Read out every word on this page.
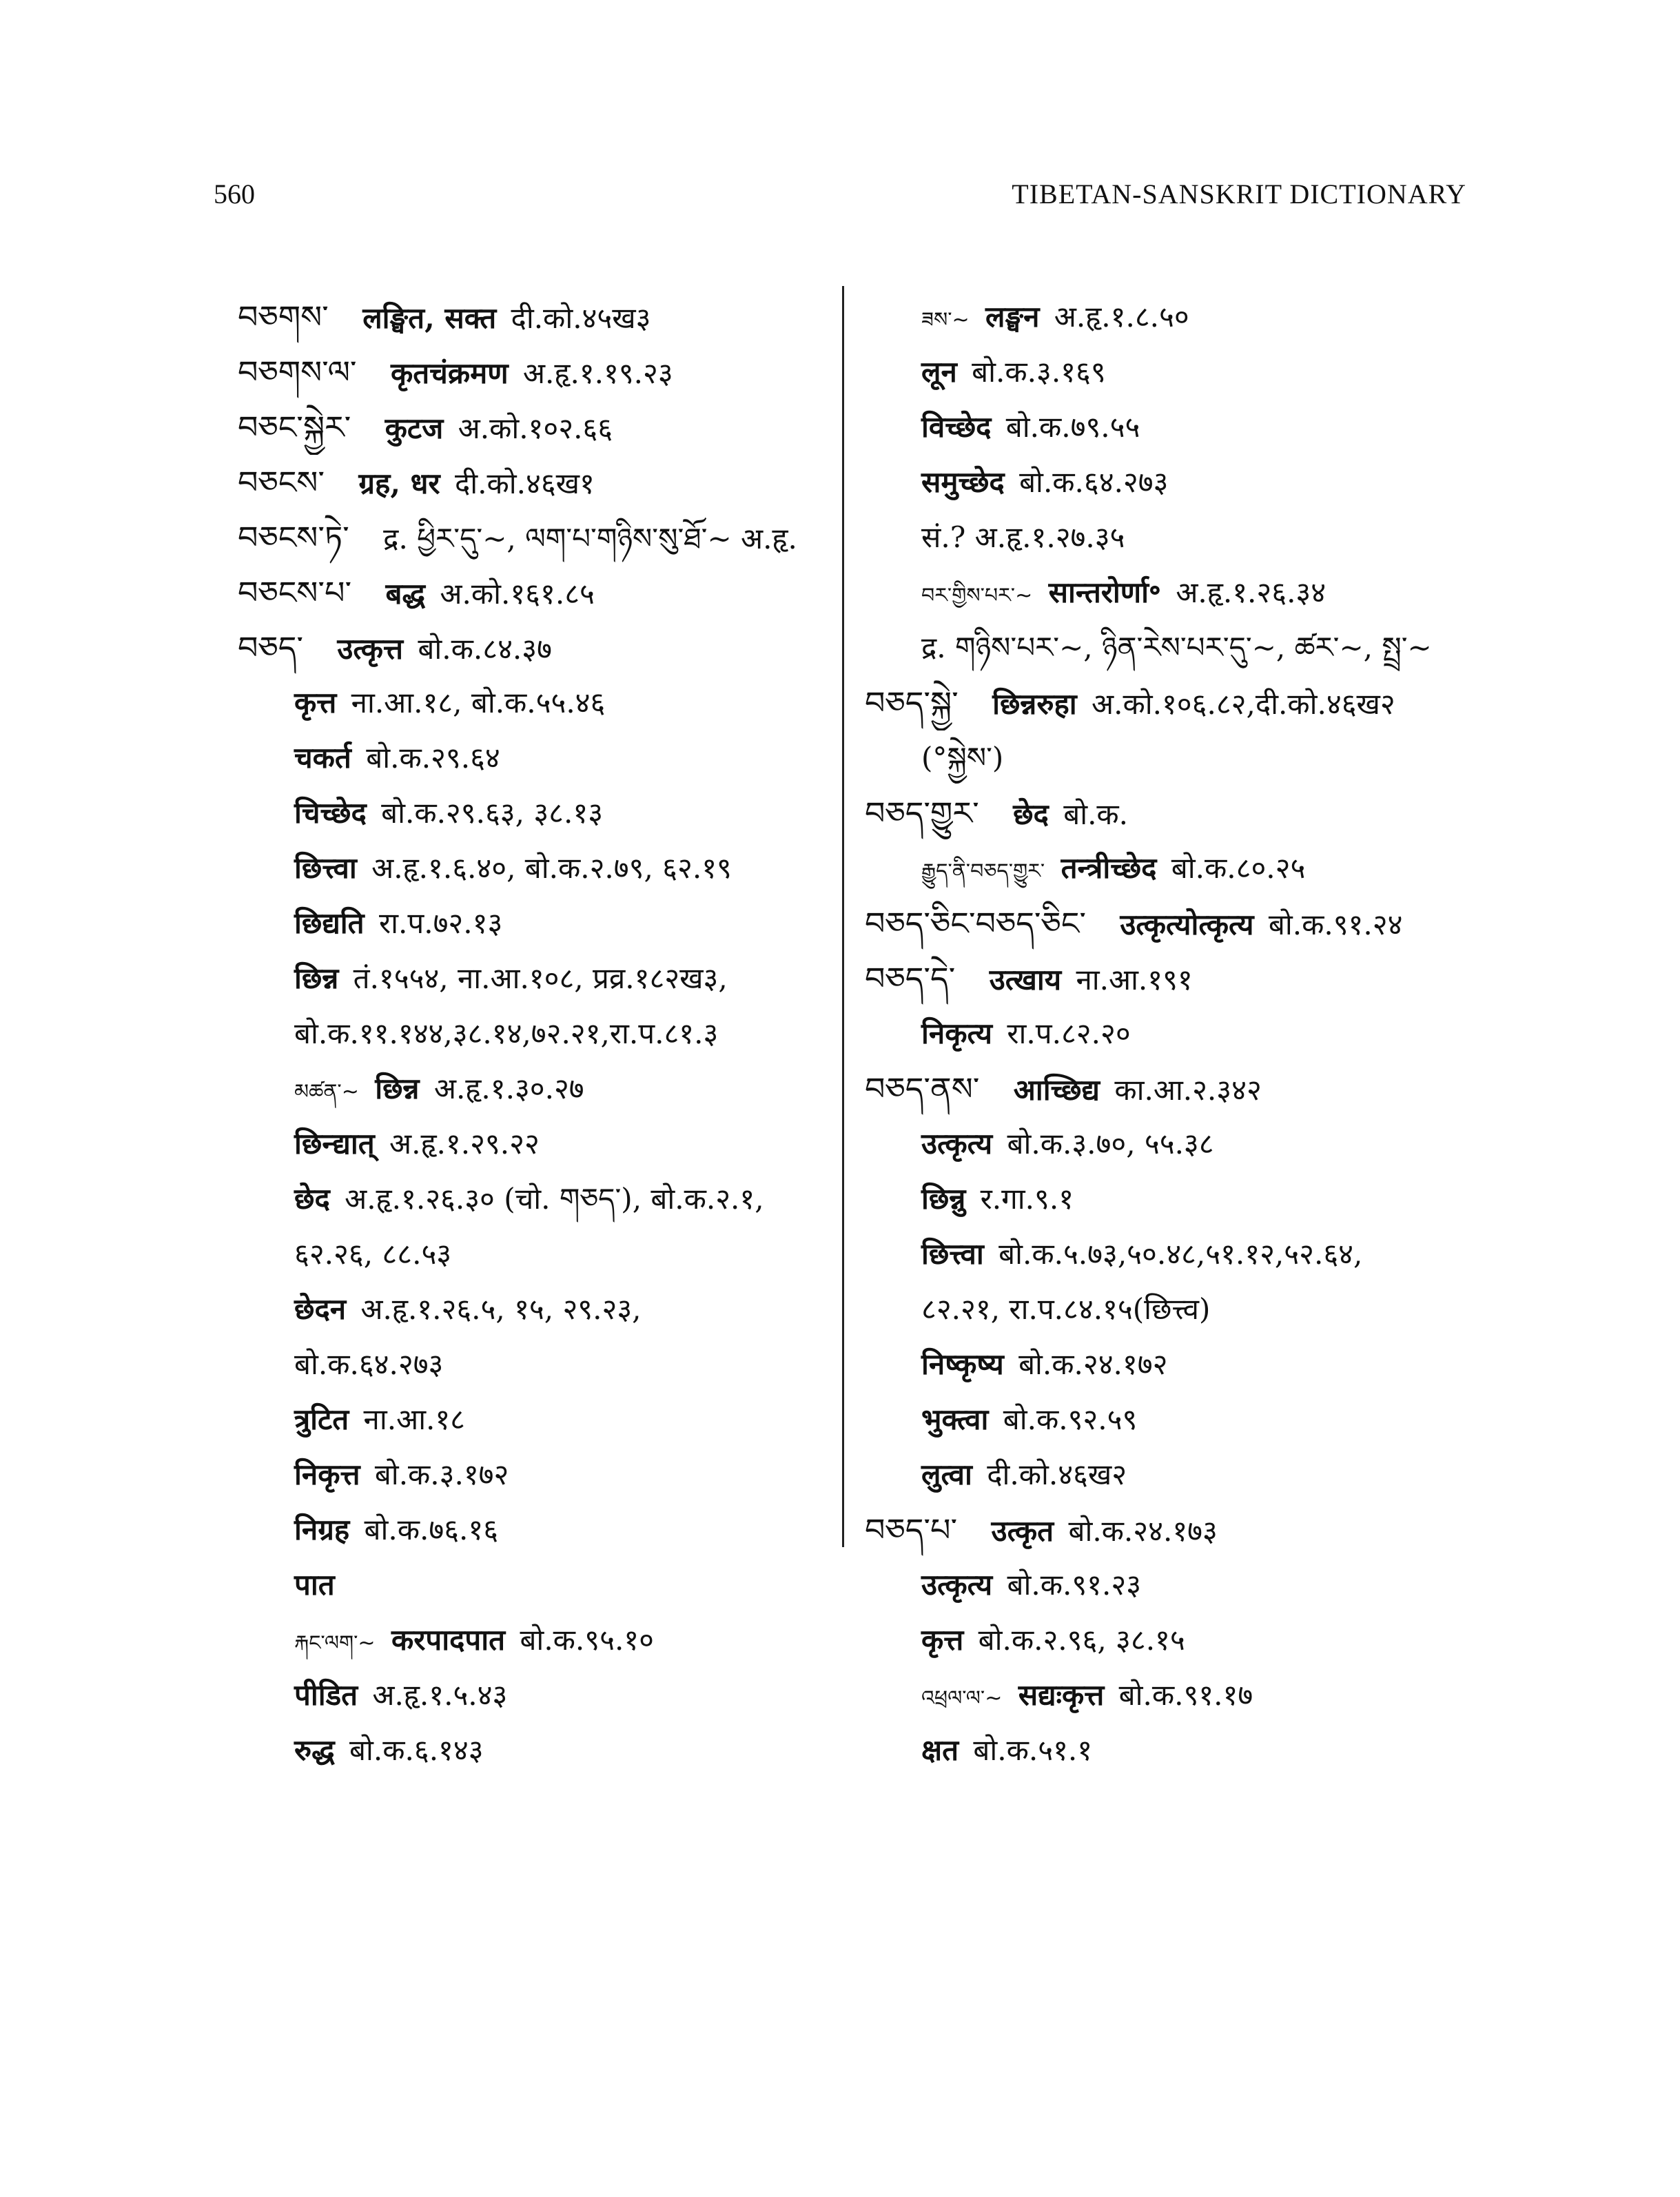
560	TIBETAN-SANSKRIT DICTIONARY
བཅགས་ लङ्घित, सक्त दी.को.४५ख३
བཅགས་ལ་ कृतचंक्रमण अ.हृ.१.१९.२३
བཅང་སྐྱེར་ कुटज अ.को.१०२.६६
བཅངས་ ग्रह, धर दी.को.४६ख१
བཅངས་ཏེ་ द्र. ཕྱིར་དུ་~, ལག་པ་གཉིས་སུ་ཐོ་~ अ.हृ.
བཅངས་པ་ बद्ध अ.को.१६१.८५
བཅད་ उत्कृत्त बो.क.८४.३७
कृत्त ना.आ.१८, बो.क.५५.४६
चकर्त बो.क.२९.६४
चिच्छेद बो.क.२९.६३, ३८.१३
छित्त्वा अ.हृ.१.६.४०, बो.क.२.७९, ६२.१९
छिद्यति रा.प.७२.१३
छिन्न तं.१५५४, ना.आ.१०८, प्रव्र.१८२ख३,
बो.क.११.१४४,३८.१४,७२.२१,रा.प.८१.३
མཚན་~ छिन्न अ.हृ.१.३०.२७
छिन्द्यात् अ.हृ.१.२९.२२
छेद अ.हृ.१.२६.३० (चो. གཅད་), बो.क.२.१,
६२.२६, ८८.५३
छेदन अ.हृ.१.२६.५, १५, २९.२३,
बो.क.६४.२७३
त्रुटित ना.आ.१८
निकृत्त बो.क.३.१७२
निग्रह बो.क.७६.१६
पात
རྐང་ལག་~ करपादपात बो.क.९५.१०
पीडित अ.हृ.१.५.४३
रुद्ध बो.क.६.१४३
ཟས་~ लङ्घन अ.हृ.१.८.५०
लून बो.क.३.१६९
विच्छेद बो.क.७९.५५
समुच्छेद बो.क.६४.२७३
सं.? अ.हृ.१.२७.३५
བར་གྱིས་པར་~ सान्तरोर्णा॰ अ.हृ.१.२६.३४
द्र. གཉིས་པར་~, ཉིན་རེས་པར་དུ་~, ཚར་~, སྤྲ་~
བཅད་སྐྱེ་ छिन्नरुहा अ.को.१०६.८२,दी.को.४६ख२
(°སྐྱེས་)
བཅད་གྱུར་ छेद बो.क.
རྒྱུད་ནི་བཅད་གྱུར་ तन्त्रीच्छेद बो.क.८०.२५
བཅད་ཅིང་བཅད་ཅིང་ उत्कृत्योत्कृत्य बो.क.९१.२४
བཅད་དེ་ उत्खाय ना.आ.१९१
निकृत्य रा.प.८२.२०
བཅད་ནས་ आच्छिद्य का.आ.२.३४२
उत्कृत्य बो.क.३.७०, ५५.३८
छिन्नु र.गा.९.१
छित्त्वा बो.क.५.७३,५०.४८,५१.१२,५२.६४,
८२.२१, रा.प.८४.१५(छित्त्व)
निष्कृष्य बो.क.२४.१७२
भुक्त्वा बो.क.९२.५९
लुत्वा दी.को.४६ख२
བཅད་པ་ उत्कृत बो.क.२४.१७३
उत्कृत्य बो.क.९१.२३
कृत्त बो.क.२.९६, ३८.१५
འཕྲལ་ལ་~ सद्यःकृत्त बो.क.९१.१७
क्षत बो.क.५१.१
